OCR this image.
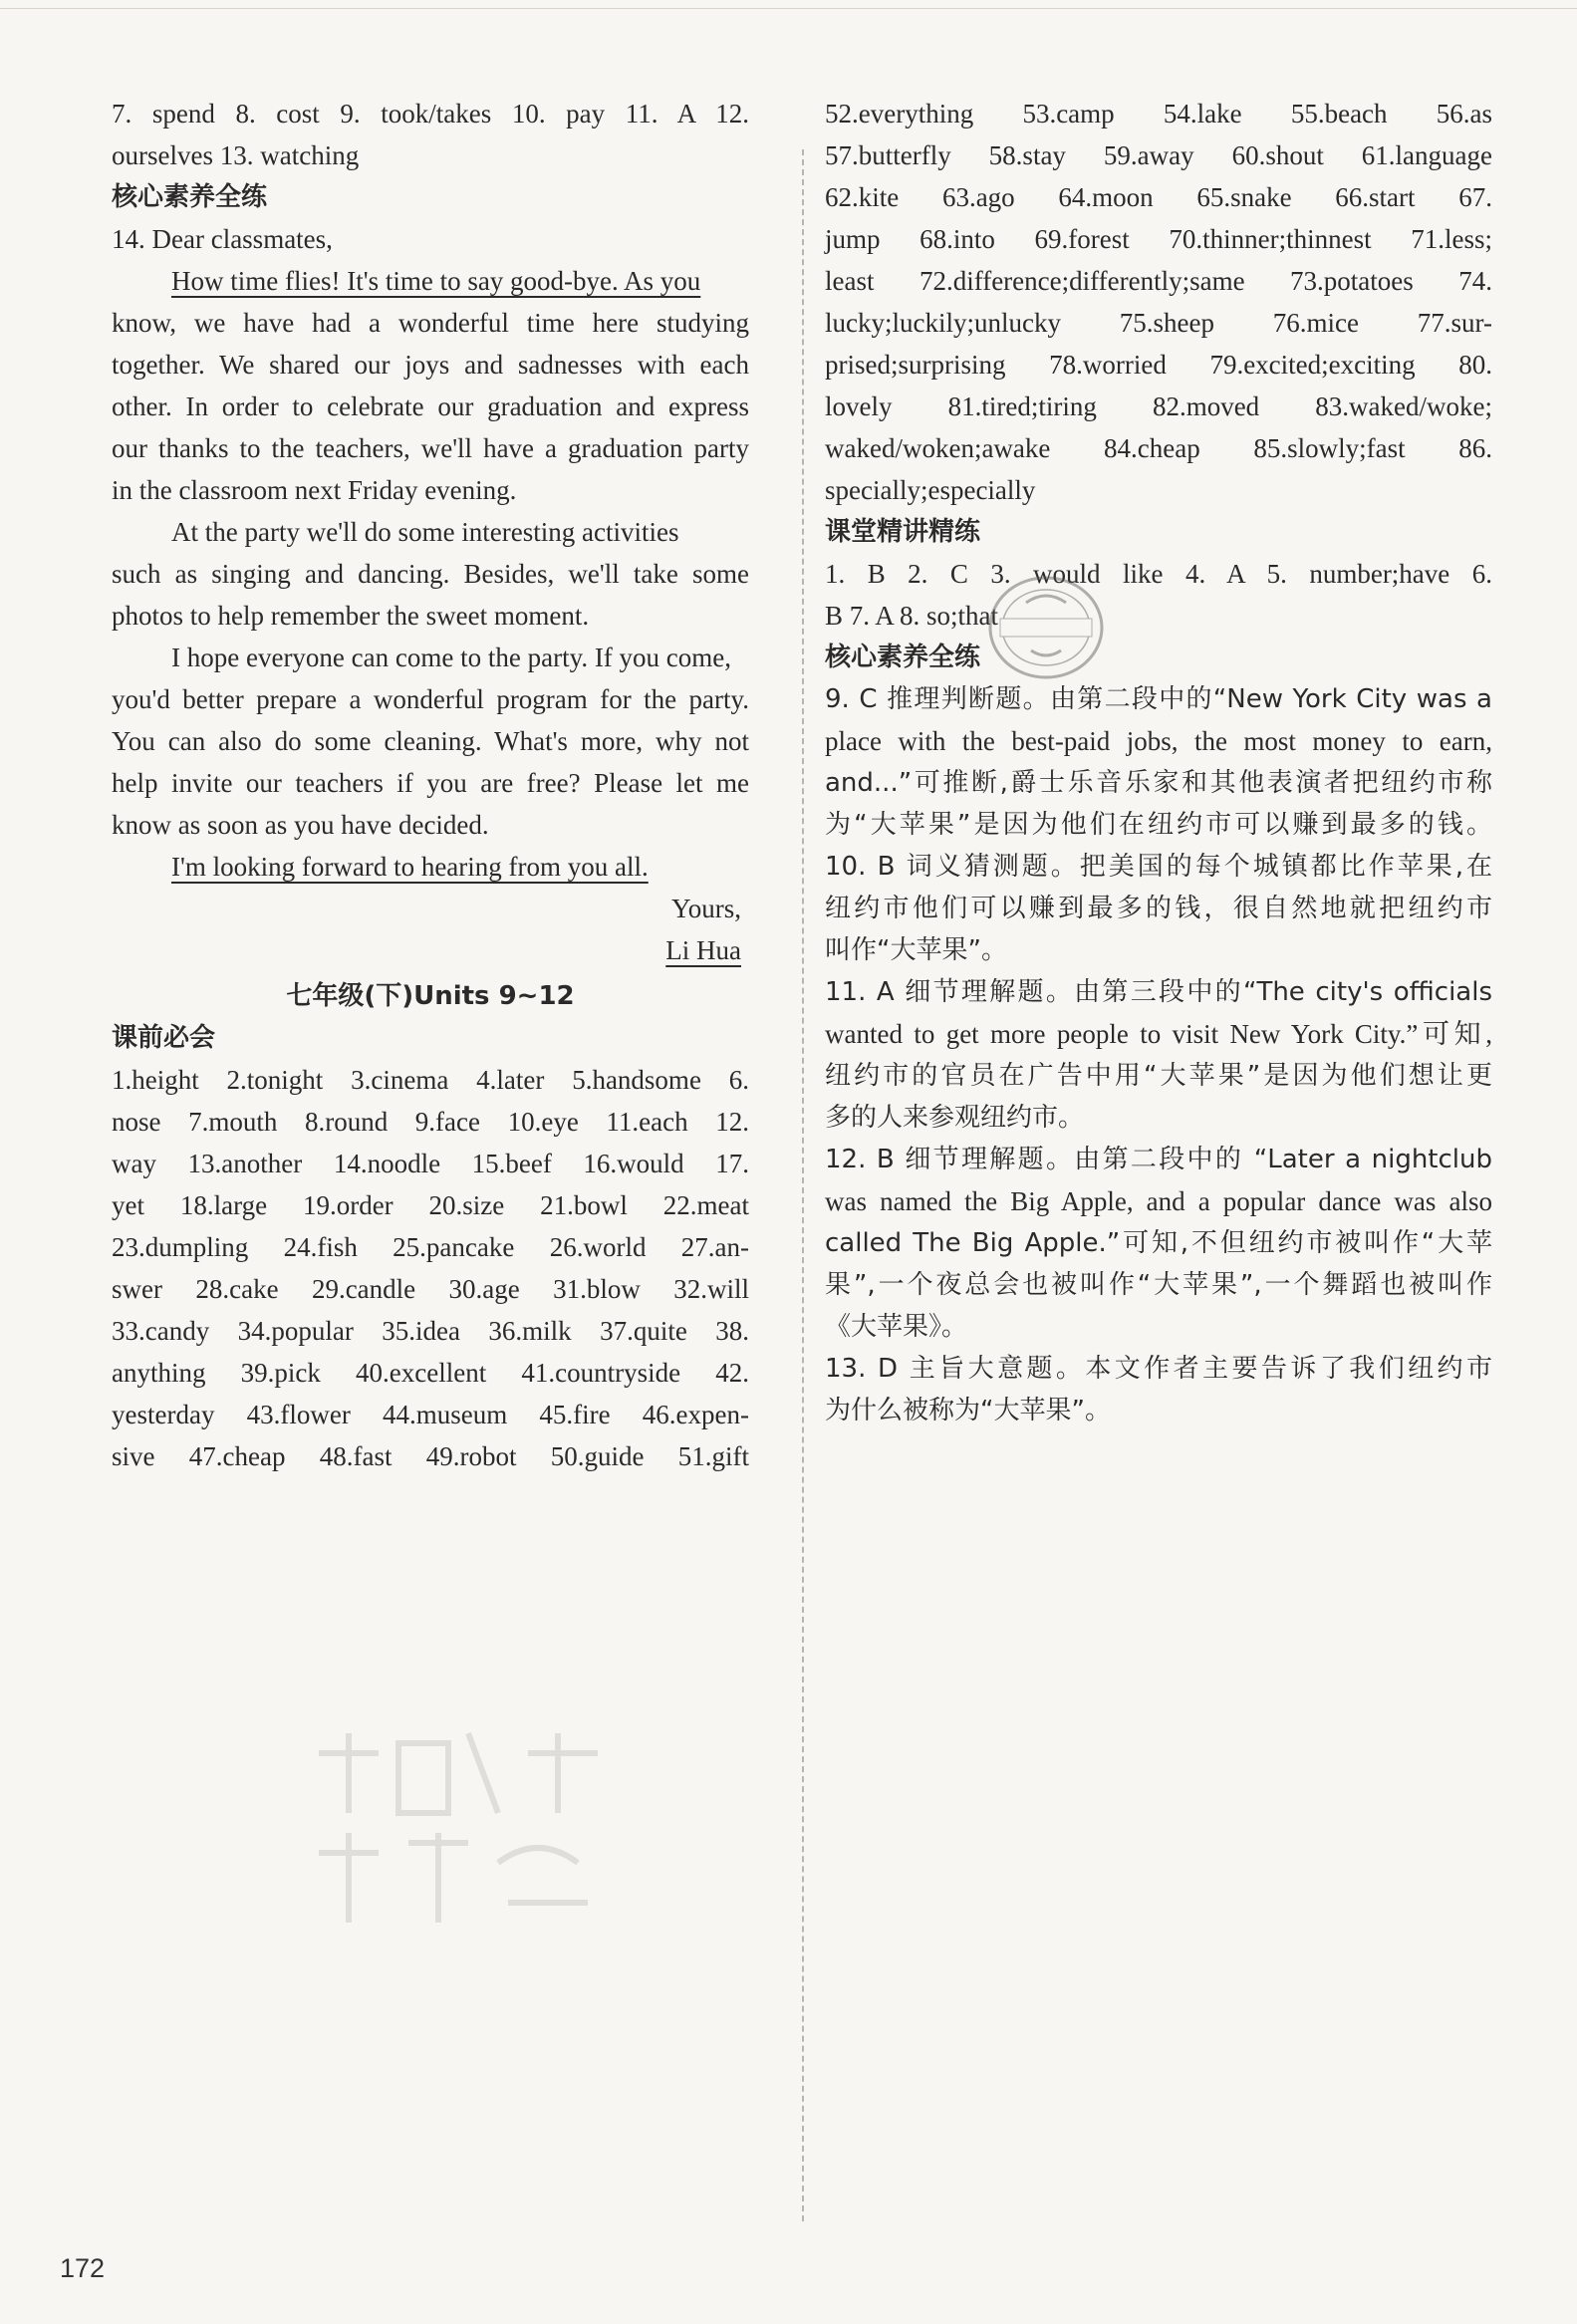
7. spend 8. cost 9. took/takes 10. pay 11. A 12.
ourselves 13. watching
核心素养全练
14. Dear classmates,
How time flies! It's time to say good-bye. As you
know, we have had a wonderful time here studying
together. We shared our joys and sadnesses with each
other. In order to celebrate our graduation and express
our thanks to the teachers, we'll have a graduation party
in the classroom next Friday evening.
At the party we'll do some interesting activities
such as singing and dancing. Besides, we'll take some
photos to help remember the sweet moment.
I hope everyone can come to the party. If you come,
you'd better prepare a wonderful program for the party.
You can also do some cleaning. What's more, why not
help invite our teachers if you are free? Please let me
know as soon as you have decided.
I'm looking forward to hearing from you all.
Yours,
Li Hua
七年级(下)Units 9~12
课前必会
1.height 2.tonight 3.cinema 4.later 5.handsome 6.
nose 7.mouth 8.round 9.face 10.eye 11.each 12.
way 13.another 14.noodle 15.beef 16.would 17.
yet 18.large 19.order 20.size 21.bowl 22.meat
23.dumpling 24.fish 25.pancake 26.world 27.an-
swer 28.cake 29.candle 30.age 31.blow 32.will
33.candy 34.popular 35.idea 36.milk 37.quite 38.
anything 39.pick 40.excellent 41.countryside 42.
yesterday 43.flower 44.museum 45.fire 46.expen-
sive 47.cheap 48.fast 49.robot 50.guide 51.gift
52.everything 53.camp 54.lake 55.beach 56.as
57.butterfly 58.stay 59.away 60.shout 61.language
62.kite 63.ago 64.moon 65.snake 66.start 67.
jump 68.into 69.forest 70.thinner;thinnest 71.less;
least 72.difference;differently;same 73.potatoes 74.
lucky;luckily;unlucky 75.sheep 76.mice 77.sur-
prised;surprising 78.worried 79.excited;exciting 80.
lovely 81.tired;tiring 82.moved 83.waked/woke;
waked/woken;awake 84.cheap 85.slowly;fast 86.
specially;especially
课堂精讲精练
1. B 2. C 3. would like 4. A 5. number;have 6.
B 7. A 8. so;that
核心素养全练
9. C 推理判断题。由第二段中的“New York City was a
place with the best-paid jobs, the most money to earn,
and...”可推断,爵士乐音乐家和其他表演者把纽约市称
为“大苹果”是因为他们在纽约市可以赚到最多的钱。
10. B 词义猜测题。把美国的每个城镇都比作苹果,在
纽约市他们可以赚到最多的钱，很自然地就把纽约市
叫作“大苹果”。
11. A 细节理解题。由第三段中的“The city's officials
wanted to get more people to visit New York City.”可知,
纽约市的官员在广告中用“大苹果”是因为他们想让更
多的人来参观纽约市。
12. B 细节理解题。由第二段中的 “Later a nightclub
was named the Big Apple, and a popular dance was also
called The Big Apple.”可知,不但纽约市被叫作“大苹
果”,一个夜总会也被叫作“大苹果”,一个舞蹈也被叫作
《大苹果》。
13. D 主旨大意题。本文作者主要告诉了我们纽约市
为什么被称为“大苹果”。
172
